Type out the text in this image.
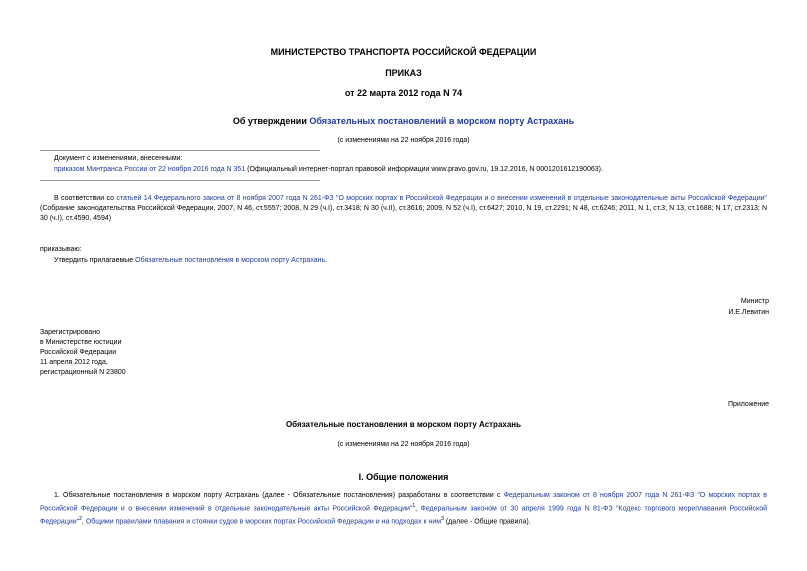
МИНИСТЕРСТВО ТРАНСПОРТА РОССИЙСКОЙ ФЕДЕРАЦИИ
ПРИКАЗ
от 22 марта 2012 года N 74
Об утверждении Обязательных постановлений в морском порту Астрахань
(с изменениями на 22 ноября 2016 года)
Документ с изменениями, внесенными:
приказом Минтранса России от 22 ноября 2016 года N 351 (Официальный интернет-портал правовой информации www.pravo.gov.ru, 19.12.2016, N 0001201612190063).
В соответствии со статьей 14 Федерального закона от 8 ноября 2007 года N 261-ФЗ "О морских портах в Российской Федерации и о внесении изменений в отдельные законодательные акты Российской Федерации" (Собрание законодательства Российской Федерации, 2007, N 46, ст.5557; 2008, N 29 (ч.I), ст.3418; N 30 (ч.II), ст.3616; 2009, N 52 (ч.I), ст.6427; 2010, N 19, ст.2291; N 48, ст.6246; 2011, N 1, ст.3; N 13, ст.1688; N 17, ст.2313; N 30 (ч.I), ст.4590, 4594)
приказываю:
Утвердить прилагаемые Обязательные постановления в морском порту Астрахань.
Министр
И.Е.Левитин
Зарегистрировано
в Министерстве юстиции
Российской Федерации
11 апреля 2012 года,
регистрационный N 23800
Приложение
Обязательные постановления в морском порту Астрахань
(с изменениями на 22 ноября 2016 года)
I. Общие положения
1. Обязательные постановления в морском порту Астрахань (далее - Обязательные постановления) разработаны в соответствии с Федеральным законом от 8 ноября 2007 года N 261-ФЗ "О морских портах в Российской Федерации и о внесении изменений в отдельные законодательные акты Российской Федерации"$^1$, Федеральным законом от 30 апреля 1999 года N 81-ФЗ "Кодекс торгового мореплавания Российской Федерации"$^2$, Общими правилами плавания и стоянки судов в морских портах Российской Федерации и на подходах к ним$^3$ (далее - Общие правила).
